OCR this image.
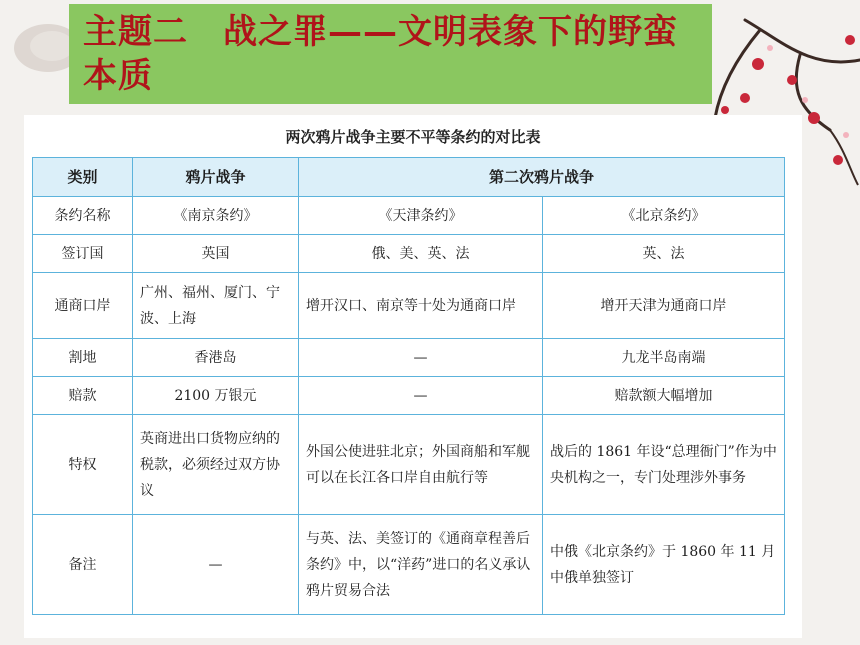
主题二　战之罪——文明表象下的野蛮本质

两次鸦片战争主要不平等条约的对比表
类别	鸦片战争	第二次鸦片战争	
条约名称	《南京条约》	《天津条约》	《北京条约》
签订国	英国	俄、美、英、法	英、法
通商口岸	广州、福州、厦门、宁波、上海	增开汉口、南京等十处为通商口岸	增开天津为通商口岸
割地	香港岛	—	九龙半岛南端
赔款	2100 万银元	—	赔款额大幅增加
特权	英商进出口货物应纳的税款，必须经过双方协议	外国公使进驻北京；外国商船和军舰可以在长江各口岸自由航行等	战后的 1861 年设“总理衙门”作为中央机构之一，专门处理涉外事务
备注	—	与英、法、美签订的《通商章程善后条约》中，以“洋药”进口的名义承认鸦片贸易合法	中俄《北京条约》于 1860 年 11 月中俄单独签订
